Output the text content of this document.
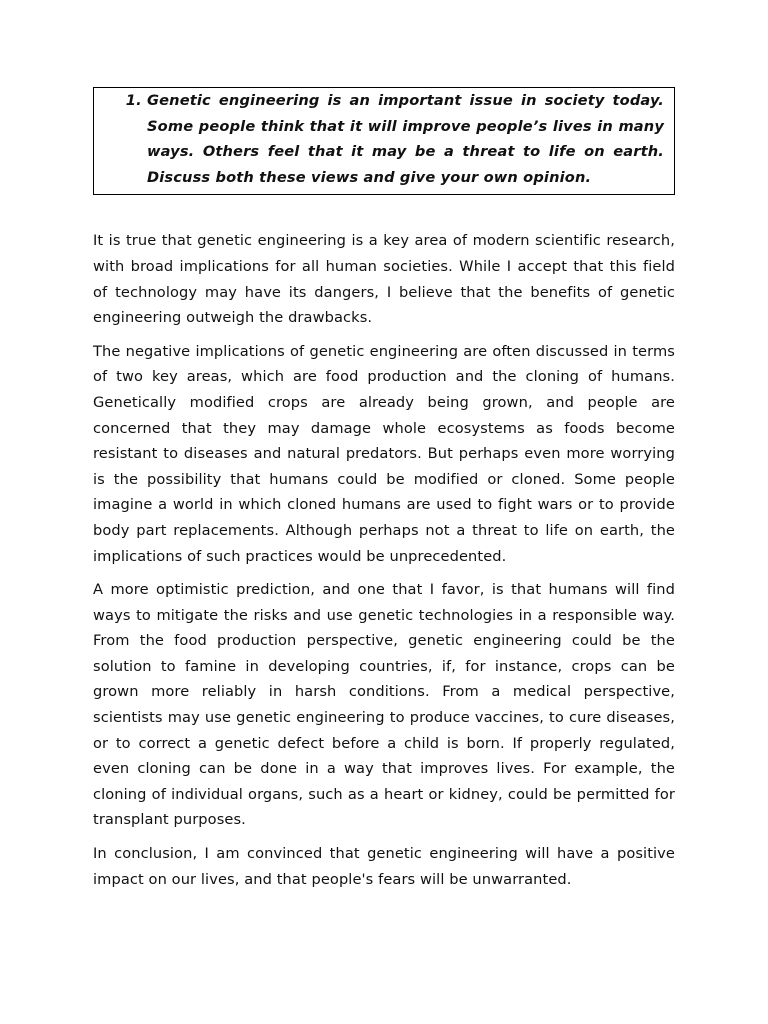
1. Genetic engineering is an important issue in society today. Some people think that it will improve people’s lives in many ways. Others feel that it may be a threat to life on earth. Discuss both these views and give your own opinion.

It is true that genetic engineering is a key area of modern scientific research, with broad implications for all human societies. While I accept that this field of technology may have its dangers, I believe that the benefits of genetic engineering outweigh the drawbacks.

The negative implications of genetic engineering are often discussed in terms of two key areas, which are food production and the cloning of humans. Genetically modified crops are already being grown, and people are concerned that they may damage whole ecosystems as foods become resistant to diseases and natural predators. But perhaps even more worrying is the possibility that humans could be modified or cloned. Some people imagine a world in which cloned humans are used to fight wars or to provide body part replacements. Although perhaps not a threat to life on earth, the implications of such practices would be unprecedented.

A more optimistic prediction, and one that I favor, is that humans will find ways to mitigate the risks and use genetic technologies in a responsible way. From the food production perspective, genetic engineering could be the solution to famine in developing countries, if, for instance, crops can be grown more reliably in harsh conditions. From a medical perspective, scientists may use genetic engineering to produce vaccines, to cure diseases, or to correct a genetic defect before a child is born. If properly regulated, even cloning can be done in a way that improves lives. For example, the cloning of individual organs, such as a heart or kidney, could be permitted for transplant purposes.

In conclusion, I am convinced that genetic engineering will have a positive impact on our lives, and that people's fears will be unwarranted.
